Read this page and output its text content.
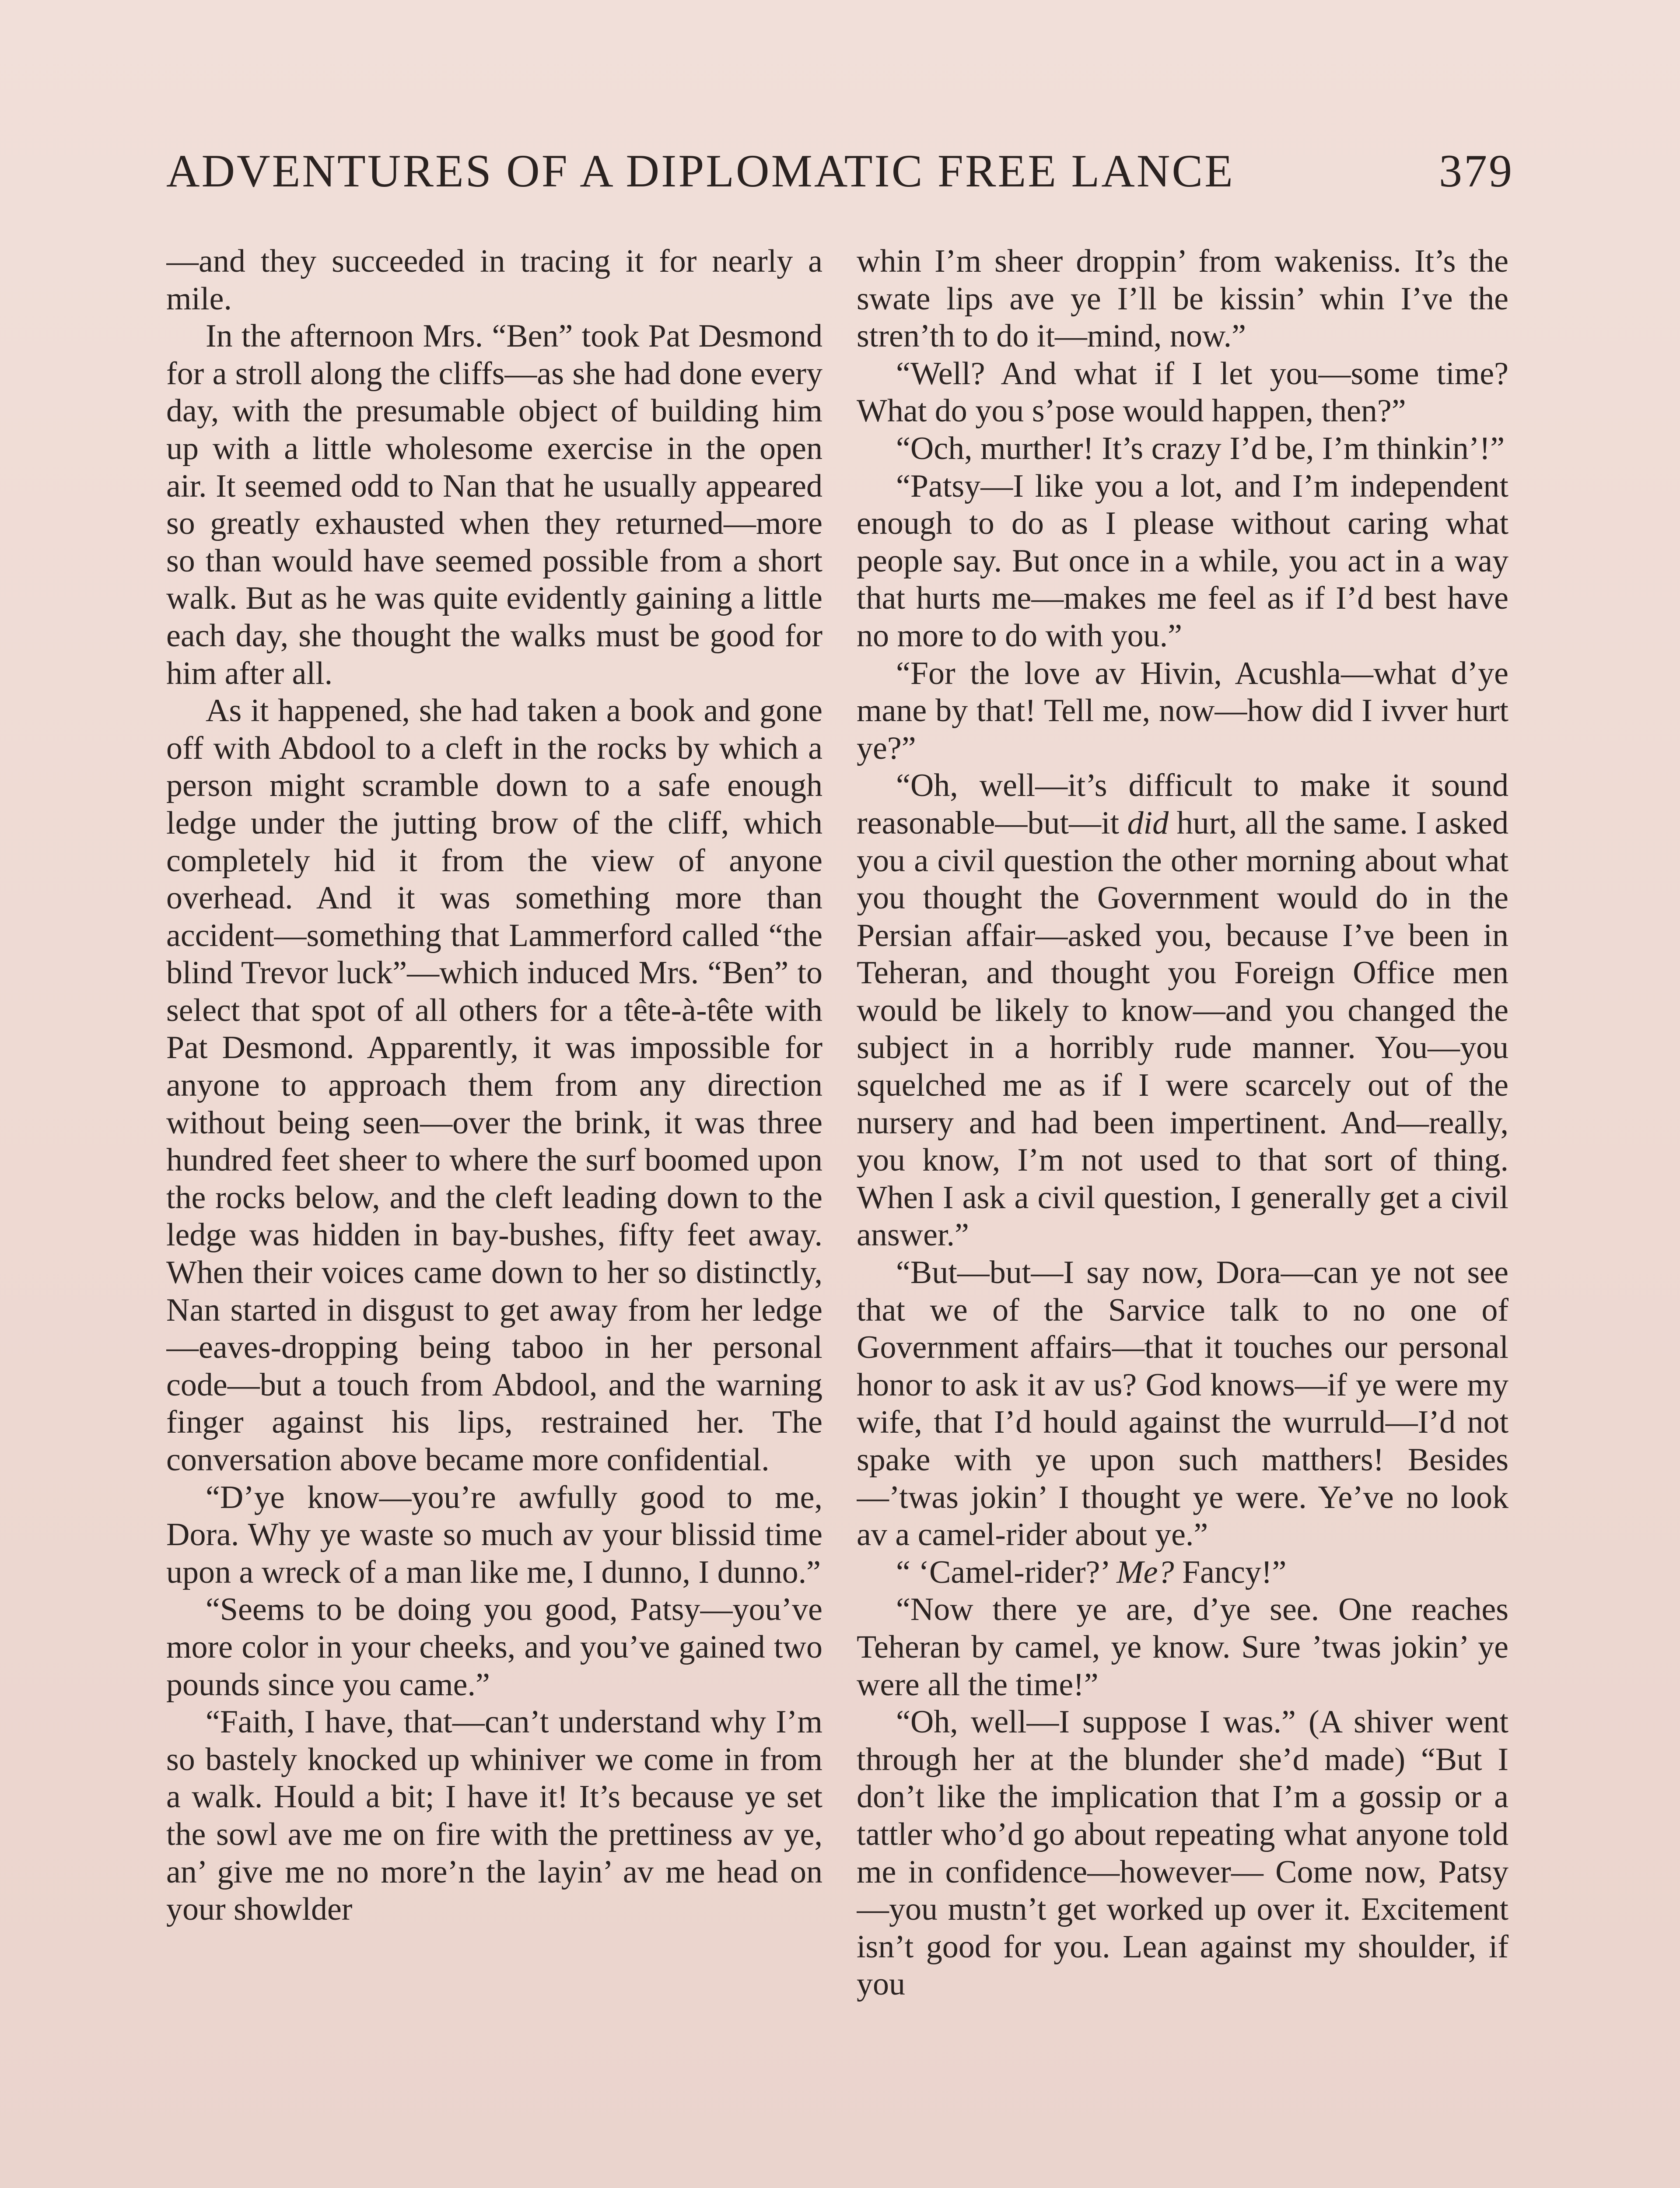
ADVENTURES OF A DIPLOMATIC FREE LANCE	379

—and they succeeded in tracing it for nearly a mile.

In the afternoon Mrs. “Ben” took Pat Desmond for a stroll along the cliffs—as she had done every day, with the presumable object of building him up with a little wholesome exercise in the open air. It seemed odd to Nan that he usually appeared so greatly exhausted when they returned—more so than would have seemed possible from a short walk. But as he was quite evidently gaining a little each day, she thought the walks must be good for him after all.

As it happened, she had taken a book and gone off with Abdool to a cleft in the rocks by which a person might scramble down to a safe enough ledge under the jutting brow of the cliff, which completely hid it from the view of anyone overhead. And it was something more than accident—something that Lammerford called “the blind Trevor luck”—which induced Mrs. “Ben” to select that spot of all others for a tête-à-tête with Pat Desmond. Apparently, it was impossible for anyone to approach them from any direction without being seen—over the brink, it was three hundred feet sheer to where the surf boomed upon the rocks below, and the cleft leading down to the ledge was hidden in bay-bushes, fifty feet away. When their voices came down to her so distinctly, Nan started in disgust to get away from her ledge—eaves-dropping being taboo in her personal code—but a touch from Abdool, and the warning finger against his lips, restrained her. The conversation above became more confidential.

“D’ye know—you’re awfully good to me, Dora. Why ye waste so much av your blissid time upon a wreck of a man like me, I dunno, I dunno.”

“Seems to be doing you good, Patsy—you’ve more color in your cheeks, and you’ve gained two pounds since you came.”

“Faith, I have, that—can’t understand why I’m so bastely knocked up whiniver we come in from a walk. Hould a bit; I have it! It’s because ye set the sowl ave me on fire with the prettiness av ye, an’ give me no more’n the layin’ av me head on your showlder

whin I’m sheer droppin’ from wakeniss. It’s the swate lips ave ye I’ll be kissin’ whin I’ve the stren’th to do it—mind, now.”

“Well? And what if I let you—some time? What do you s’pose would happen, then?”

“Och, murther! It’s crazy I’d be, I’m thinkin’!”

“Patsy—I like you a lot, and I’m independent enough to do as I please without caring what people say. But once in a while, you act in a way that hurts me—makes me feel as if I’d best have no more to do with you.”

“For the love av Hivin, Acushla—what d’ye mane by that! Tell me, now—how did I ivver hurt ye?”

“Oh, well—it’s difficult to make it sound reasonable—but—it did hurt, all the same. I asked you a civil question the other morning about what you thought the Government would do in the Persian affair—asked you, because I’ve been in Teheran, and thought you Foreign Office men would be likely to know—and you changed the subject in a horribly rude manner. You—you squelched me as if I were scarcely out of the nursery and had been impertinent. And—really, you know, I’m not used to that sort of thing. When I ask a civil question, I generally get a civil answer.”

“But—but—I say now, Dora—can ye not see that we of the Sarvice talk to no one of Government affairs—that it touches our personal honor to ask it av us? God knows—if ye were my wife, that I’d hould against the wurruld—I’d not spake with ye upon such matthers! Besides—’twas jokin’ I thought ye were. Ye’ve no look av a camel-rider about ye.”

“ ‘Camel-rider?’ Me? Fancy!”

“Now there ye are, d’ye see. One reaches Teheran by camel, ye know. Sure ’twas jokin’ ye were all the time!”

“Oh, well—I suppose I was.” (A shiver went through her at the blunder she’d made) “But I don’t like the implication that I’m a gossip or a tattler who’d go about repeating what anyone told me in confidence—however— Come now, Patsy—you mustn’t get worked up over it. Excitement isn’t good for you. Lean against my shoulder, if you
